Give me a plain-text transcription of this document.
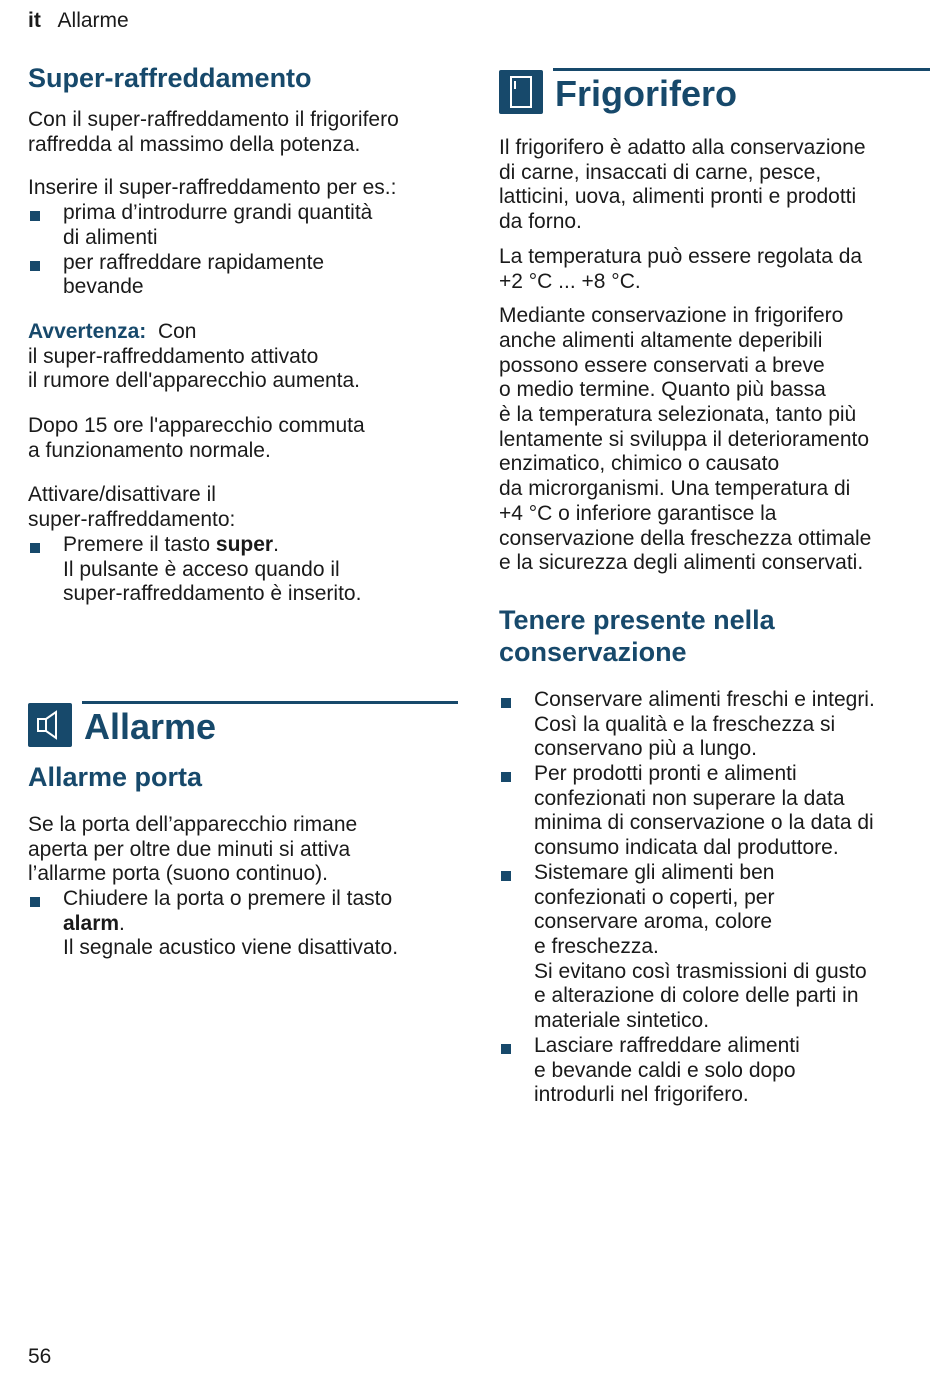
it Allarme
Super-raffreddamento

Con il super-raffreddamento il frigorifero
raffredda al massimo della potenza.

Inserire il super-raffreddamento per es.:

prima d’introdurre grandi quantità
di alimenti
per raffreddare rapidamente
bevande

Avvertenza: Con
il super-raffreddamento attivato
il rumore dell'apparecchio aumenta.

Dopo 15 ore l'apparecchio commuta
a funzionamento normale.

Attivare/disattivare il
super-raffreddamento:

Premere il tasto super.
Il pulsante è acceso quando il
super-raffreddamento è inserito.
Allarme
Allarme porta

Se la porta dell’apparecchio rimane
aperta per oltre due minuti si attiva
l’allarme porta (suono continuo).

Chiudere la porta o premere il tasto
alarm.
Il segnale acustico viene disattivato.
Frigorifero

Il frigorifero è adatto alla conservazione
di carne, insaccati di carne, pesce,
latticini, uova, alimenti pronti e prodotti
da forno.

La temperatura può essere regolata da
+2 °C ... +8 °C.

Mediante conservazione in frigorifero
anche alimenti altamente deperibili
possono essere conservati a breve
o medio termine. Quanto più bassa
è la temperatura selezionata, tanto più
lentamente si sviluppa il deterioramento
enzimatico, chimico o causato
da microrganismi. Una temperatura di
+4 °C o inferiore garantisce la
conservazione della freschezza ottimale
e la sicurezza degli alimenti conservati.

Tenere presente nella
conservazione
Conservare alimenti freschi e integri.
Così la qualità e la freschezza si
conservano più a lungo.
Per prodotti pronti e alimenti
confezionati non superare la data
minima di conservazione o la data di
consumo indicata dal produttore.
Sistemare gli alimenti ben
confezionati o coperti, per
conservare aroma, colore
e freschezza.
Si evitano così trasmissioni di gusto
e alterazione di colore delle parti in
materiale sintetico.
Lasciare raffreddare alimenti
e bevande caldi e solo dopo
introdurli nel frigorifero.
56
